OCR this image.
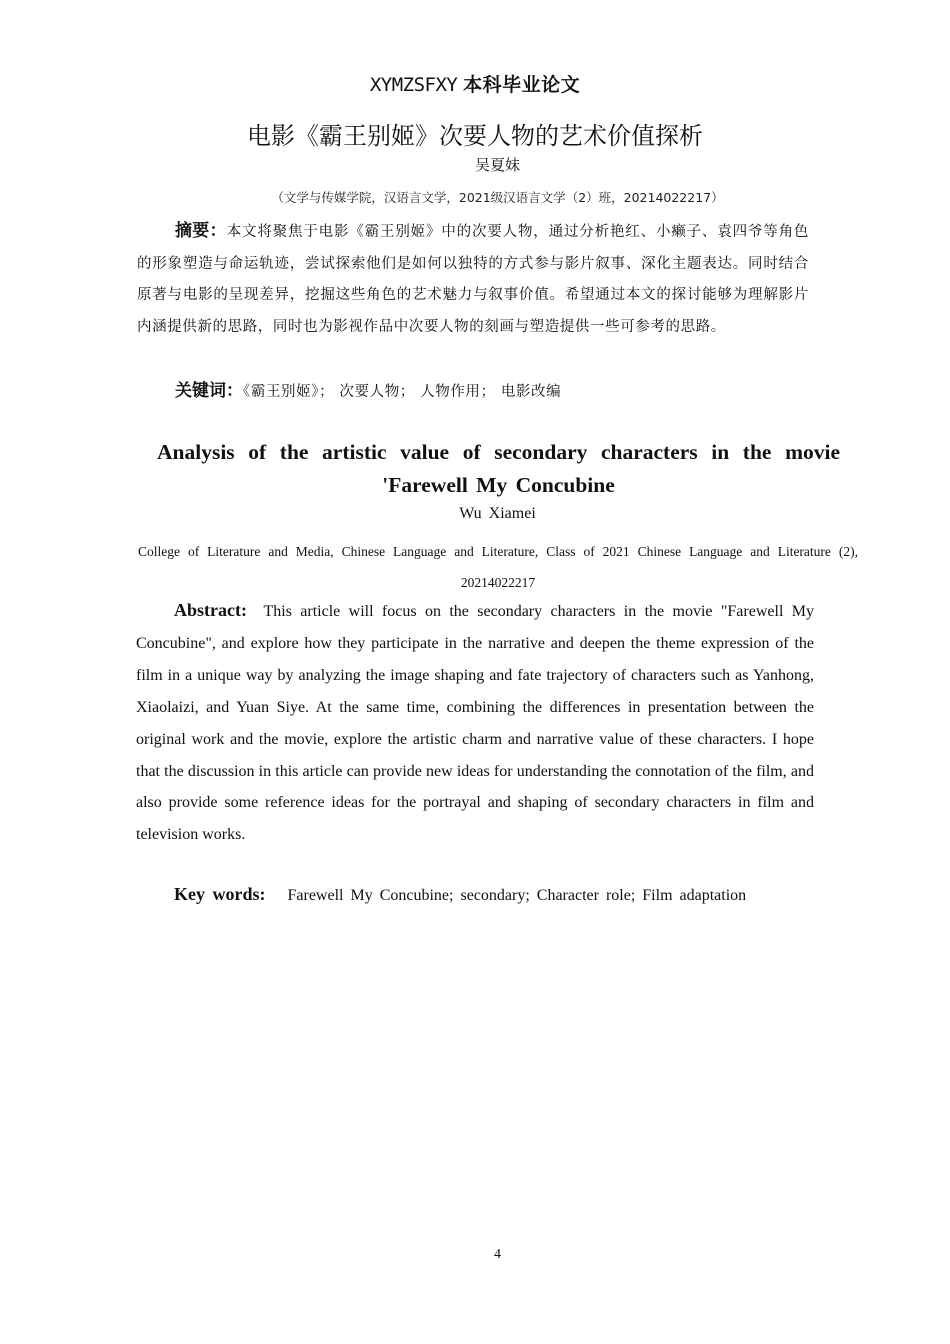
XYMZSFXY 本科毕业论文
电影《霸王别姬》次要人物的艺术价值探析
吴夏妹
（文学与传媒学院，汉语言文学，2021级汉语言文学（2）班，20214022217）
摘要：本文将聚焦于电影《霸王别姬》中的次要人物，通过分析艳红、小癞子、袁四爷等角色的形象塑造与命运轨迹，尝试探索他们是如何以独特的方式参与影片叙事、深化主题表达。同时结合原著与电影的呈现差异，挖掘这些角色的艺术魅力与叙事价值。希望通过本文的探讨能够为理解影片内涵提供新的思路，同时也为影视作品中次要人物的刻画与塑造提供一些可参考的思路。
关键词：《霸王别姬》； 次要人物； 人物作用； 电影改编
Analysis of the artistic value of secondary characters in the movie
'Farewell My Concubine
Wu Xiamei
College of Literature and Media, Chinese Language and Literature, Class of 2021 Chinese Language and Literature (2), 20214022217
Abstract: This article will focus on the secondary characters in the movie "Farewell My Concubine", and explore how they participate in the narrative and deepen the theme expression of the film in a unique way by analyzing the image shaping and fate trajectory of characters such as Yanhong, Xiaolaizi, and Yuan Siye. At the same time, combining the differences in presentation between the original work and the movie, explore the artistic charm and narrative value of these characters. I hope that the discussion in this article can provide new ideas for understanding the connotation of the film, and also provide some reference ideas for the portrayal and shaping of secondary characters in film and television works.
Key words: Farewell My Concubine; secondary; Character role; Film adaptation
4
